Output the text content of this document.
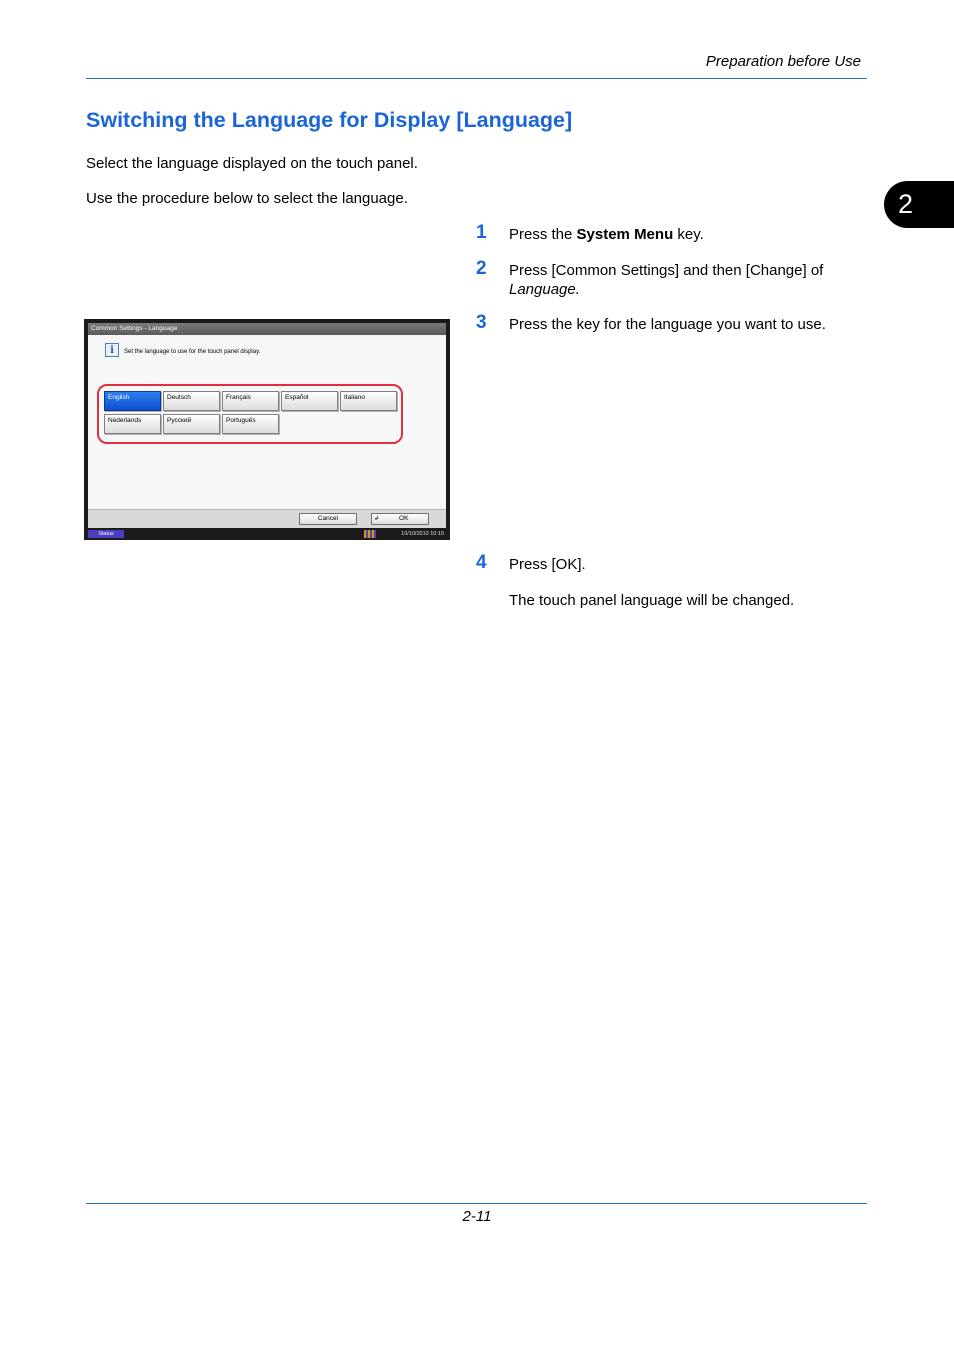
Preparation before Use
2
Switching the Language for Display [Language]
Select the language displayed on the touch panel.
Use the procedure below to select the language.
1 Press the System Menu key.
2 Press [Common Settings] and then [Change] of
Language.
3 Press the key for the language you want to use.
4 Press [OK].
The touch panel language will be changed.
Common Settings - Language
i	Set the language to use for the touch panel display.
English	Deutsch	Français	Español	Italiano
Nederlands	Русский	Português
Cancel	↲	OK
Status	10/10/2010 10:10
2-11
